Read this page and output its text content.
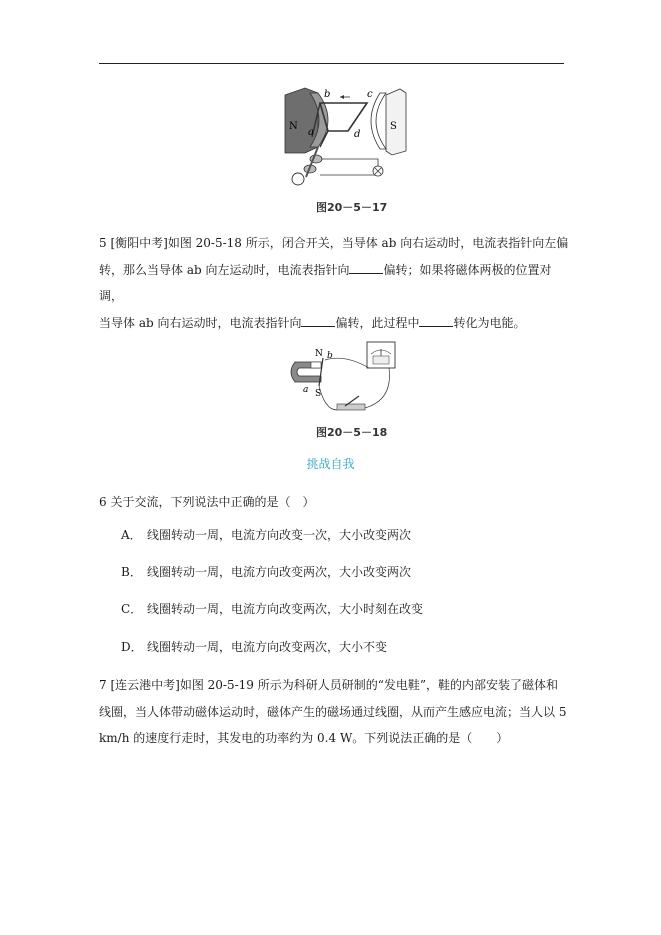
N
a
b	c
d
S
图20－5－17
5 [衡阳中考]如图 20-5-18 所示，闭合开关，当导体 ab 向右运动时，电流表指针向左偏
转，那么当导体 ab 向左运动时，电流表指针向	偏转；如果将磁体两极的位置对调，
当导体 ab 向右运动时，电流表指针向	偏转，此过程中	转化为电能。
N b
a S
图20－5－18
挑战自我
6 关于交流，下列说法中正确的是（　）
A． 线圈转动一周，电流方向改变一次，大小改变两次
B． 线圈转动一周，电流方向改变两次，大小改变两次
C． 线圈转动一周，电流方向改变两次，大小时刻在改变
D． 线圈转动一周，电流方向改变两次，大小不变
7 [连云港中考]如图 20-5-19 所示为科研人员研制的“发电鞋”，鞋的内部安装了磁体和
线圈，当人体带动磁体运动时，磁体产生的磁场通过线圈，从而产生感应电流；当人以 5
km/h 的速度行走时，其发电的功率约为 0.4 W。下列说法正确的是（　　）
